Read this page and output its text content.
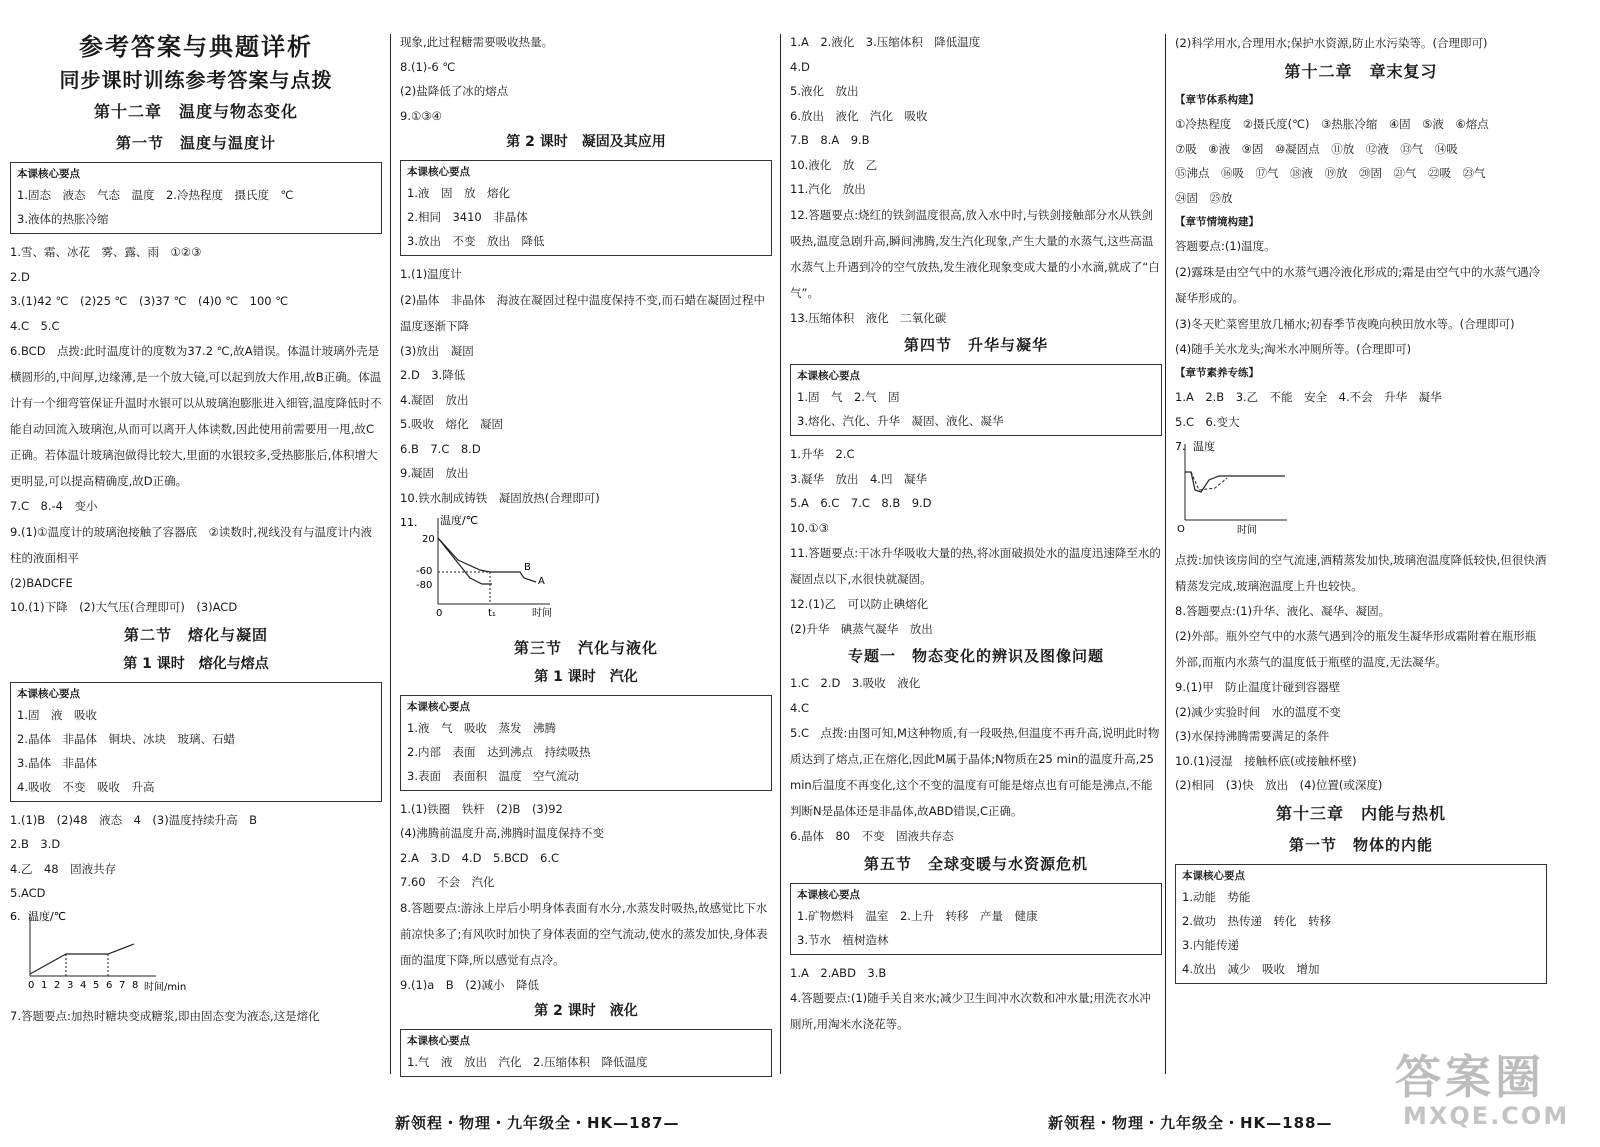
参考答案与典题详析
同步课时训练参考答案与点拨
第十二章　温度与物态变化
第一节　温度与温度计
本课核心要点
1.固态　液态　气态　温度　2.冷热程度　摄氏度　℃
3.液体的热胀冷缩
1.雪、霜、冰花　雾、露、雨　①②③
2.D
3.(1)42 ℃　(2)25 ℃　(3)37 ℃　(4)0 ℃　100 ℃
4.C　5.C
6.BCD　点拨:此时温度计的度数为37.2 ℃,故A错误。体温计玻璃外壳是横圆形的,中间厚,边缘薄,是一个放大镜,可以起到放大作用,故B正确。体温计有一个细弯管保证升温时水银可以从玻璃泡膨胀进入细管,温度降低时不能自动回流入玻璃泡,从而可以离开人体读数,因此使用前需要用一甩,故C正确。若体温计玻璃泡做得比较大,里面的水银较多,受热膨胀后,体积增大更明显,可以提高精确度,故D正确。
7.C　8.-4　变小
9.(1)①温度计的玻璃泡接触了容器底　②读数时,视线没有与温度计内液柱的液面相平
(2)BADCFE
10.(1)下降　(2)大气压(合理即可)　(3)ACD
第二节　熔化与凝固
第 1 课时　熔化与熔点
本课核心要点
1.固　液　吸收
2.晶体　非晶体　铜块、冰块　玻璃、石蜡
3.晶体　非晶体
4.吸收　不变　吸收　升高
1.(1)B　(2)48　液态　4　(3)温度持续升高　B
2.B　3.D
4.乙　48　固液共存
5.ACD
6. 温度/℃
0 1 2 3 4 5 6 7 8 时间/min
7.答题要点:加热时糖块变成糖浆,即由固态变为液态,这是熔化
现象,此过程糖需要吸收热量。
8.(1)-6 ℃
(2)盐降低了冰的熔点
9.①③④
第 2 课时　凝固及其应用
本课核心要点
1.液　固　放　熔化
2.相同　3410　非晶体
3.放出　不变　放出　降低
1.(1)温度计
(2)晶体　非晶体　海波在凝固过程中温度保持不变,而石蜡在凝固过程中温度逐渐下降
(3)放出　凝固
2.D　3.降低
4.凝固　放出
5.吸收　熔化　凝固
6.B　7.C　8.D
9.凝固　放出
10.铁水制成铸铁　凝固放热(合理即可)
11. 温度/℃
20
-60
-80
t₁
0
B
A
时间
第三节　汽化与液化
第 1 课时　汽化
本课核心要点
1.液　气　吸收　蒸发　沸腾
2.内部　表面　达到沸点　持续吸热
3.表面　表面积　温度　空气流动
1.(1)铁圈　铁杆　(2)B　(3)92
(4)沸腾前温度升高,沸腾时温度保持不变
2.A　3.D　4.D　5.BCD　6.C
7.60　不会　汽化
8.答题要点:游泳上岸后小明身体表面有水分,水蒸发时吸热,故感觉比下水前凉快多了;有风吹时加快了身体表面的空气流动,使水的蒸发加快,身体表面的温度下降,所以感觉有点冷。
9.(1)a　B　(2)减小　降低
第 2 课时　液化
本课核心要点
1.气　液　放出　汽化　2.压缩体积　降低温度
1.A　2.液化　3.压缩体积　降低温度
4.D
5.液化　放出
6.放出　液化　汽化　吸收
7.B　8.A　9.B
10.液化　放　乙
11.汽化　放出
12.答题要点:烧红的铁剑温度很高,放入水中时,与铁剑接触部分水从铁剑吸热,温度急剧升高,瞬间沸腾,发生汽化现象,产生大量的水蒸气,这些高温水蒸气上升遇到冷的空气放热,发生液化现象变成大量的小水滴,就成了“白气”。
13.压缩体积　液化　二氧化碳
第四节　升华与凝华
本课核心要点
1.固　气　2.气　固
3.熔化、汽化、升华　凝固、液化、凝华
1.升华　2.C
3.凝华　放出　4.凹　凝华
5.A　6.C　7.C　8.B　9.D
10.①③
11.答题要点:干冰升华吸收大量的热,将冰面破损处水的温度迅速降至水的凝固点以下,水很快就凝固。
12.(1)乙　可以防止碘熔化
(2)升华　碘蒸气凝华　放出
专题一　物态变化的辨识及图像问题
1.C　2.D　3.吸收　液化
4.C
5.C　点拨:由图可知,M这种物质,有一段吸热,但温度不再升高,说明此时物质达到了熔点,正在熔化,因此M属于晶体;N物质在25 min的温度升高,25 min后温度不再变化,这个不变的温度有可能是熔点也有可能是沸点,不能判断N是晶体还是非晶体,故ABD错误,C正确。
6.晶体　80　不变　固液共存态
第五节　全球变暖与水资源危机
本课核心要点
1.矿物燃料　温室　2.上升　转移　产量　健康
3.节水　植树造林
1.A　2.ABD　3.B
4.答题要点:(1)随手关自来水;减少卫生间冲水次数和冲水量;用洗衣水冲厕所,用淘米水浇花等。
(2)科学用水,合理用水;保护水资源,防止水污染等。(合理即可)
第十二章　章末复习
【章节体系构建】
①冷热程度　②摄氏度(℃)　③热胀冷缩　④固　⑤液　⑥熔点
⑦吸　⑧液　⑨固　⑩凝固点　⑪放　⑫液　⑬气　⑭吸
⑮沸点　⑯吸　⑰气　⑱液　⑲放　⑳固　㉑气　㉒吸　㉓气
㉔固　㉕放
【章节情境构建】
答题要点:(1)温度。
(2)露珠是由空气中的水蒸气遇冷液化形成的;霜是由空气中的水蒸气遇冷凝华形成的。
(3)冬天贮菜窖里放几桶水;初春季节夜晚向秧田放水等。(合理即可)
(4)随手关水龙头;淘米水冲厕所等。(合理即可)
【章节素养专练】
1.A　2.B　3.乙　不能　安全　4.不会　升华　凝华
5.C　6.变大
7. 温度
O	时间
点拨:加快该房间的空气流速,酒精蒸发加快,玻璃泡温度降低较快,但很快酒精蒸发完成,玻璃泡温度上升也较快。
8.答题要点:(1)升华、液化、凝华、凝固。
(2)外部。瓶外空气中的水蒸气遇到冷的瓶发生凝华形成霜附着在瓶形瓶外部,而瓶内水蒸气的温度低于瓶壁的温度,无法凝华。
9.(1)甲　防止温度计碰到容器壁
(2)减少实验时间　水的温度不变
(3)水保持沸腾需要满足的条件
10.(1)浸湿　接触杯底(或接触杯壁)
(2)相同　(3)快　放出　(4)位置(或深度)
第十三章　内能与热机
第一节　物体的内能
本课核心要点
1.动能　势能
2.做功　热传递　转化　转移
3.内能传递
4.放出　减少　吸收　增加
新领程・物理・九年级全・HK—187—	新领程・物理・九年级全・HK—188—
答案圈
MXQE.COM
